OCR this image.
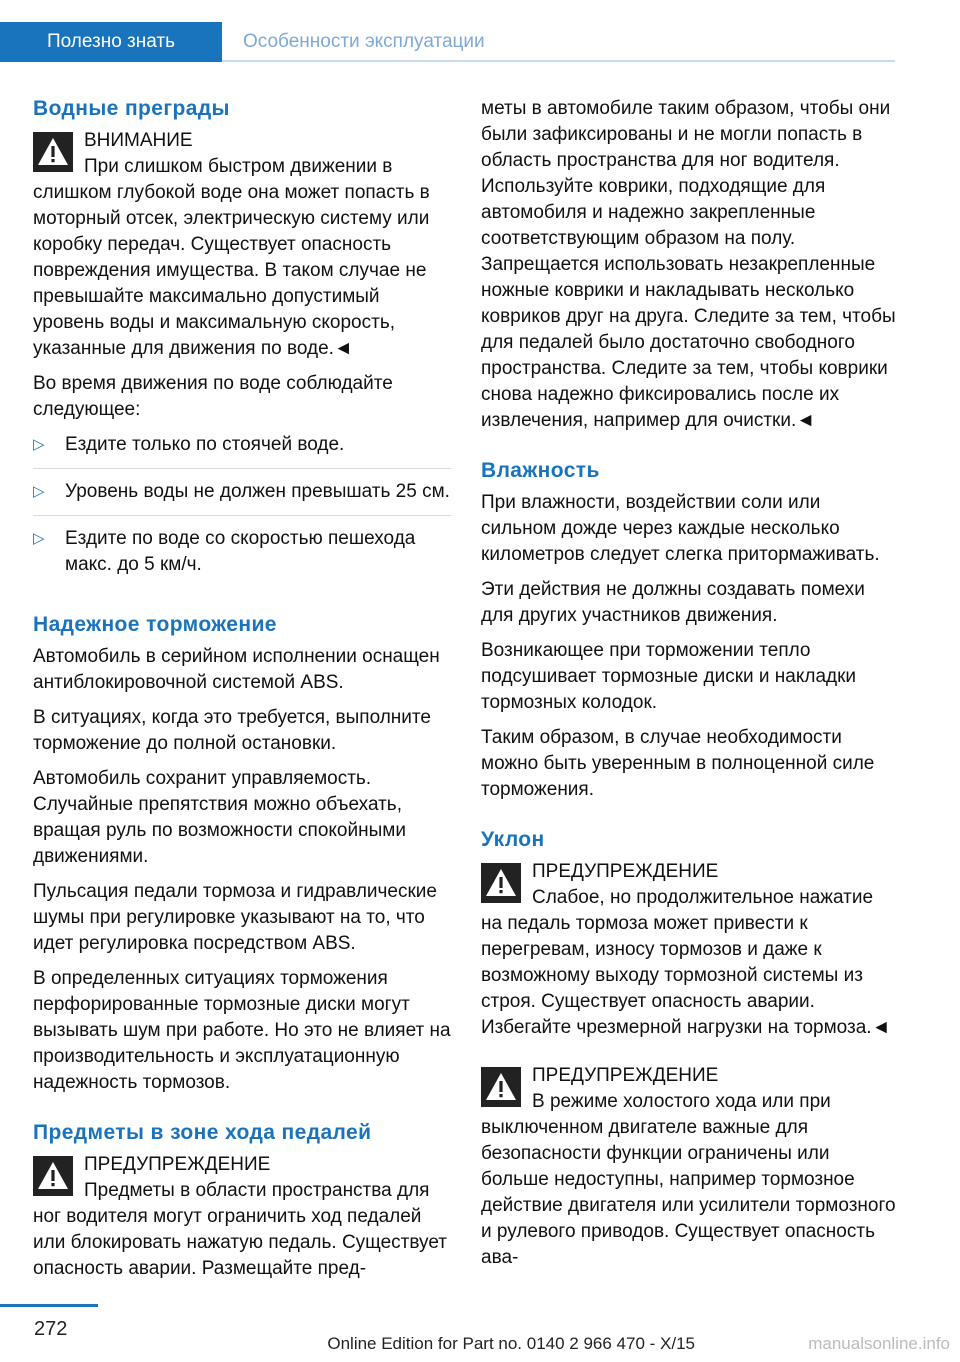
Полезно знать	Особенности эксплуатации
Водные преграды
ВНИМАНИЕ
При слишком быстром движении в слишком глубокой воде она может попасть в моторный отсек, электрическую систему или коробку передач. Существует опасность повреждения имущества. В таком случае не превышайте максимально допустимый уровень воды и максимальную скорость, указанные для движения по воде.◄

Во время движения по воде соблюдайте следующее:

▷ Ездите только по стоячей воде.
▷ Уровень воды не должен превышать 25 см.
▷ Ездите по воде со скоростью пешехода макс. до 5 км/ч.
Надежное торможение

Автомобиль в серийном исполнении оснащен антиблокировочной системой ABS.

В ситуациях, когда это требуется, выполните торможение до полной остановки.

Автомобиль сохранит управляемость. Случайные препятствия можно объехать, вращая руль по возможности спокойными движениями.

Пульсация педали тормоза и гидравлические шумы при регулировке указывают на то, что идет регулировка посредством ABS.

В определенных ситуациях торможения перфорированные тормозные диски могут вызывать шум при работе. Но это не влияет на производительность и эксплуатационную надежность тормозов.

Предметы в зоне хода педалей
ПРЕДУПРЕЖДЕНИЕ
Предметы в области пространства для ног водителя могут ограничить ход педалей или блокировать нажатую педаль. Существует опасность аварии. Размещайте пред-

меты в автомобиле таким образом, чтобы они были зафиксированы и не могли попасть в область пространства для ног водителя. Используйте коврики, подходящие для автомобиля и надежно закрепленные соответствующим образом на полу. Запрещается использовать незакрепленные ножные коврики и накладывать несколько ковриков друг на друга. Следите за тем, чтобы для педалей было достаточно свободного пространства. Следите за тем, чтобы коврики снова надежно фиксировались после их извлечения, например для очистки.◄

Влажность

При влажности, воздействии соли или сильном дожде через каждые несколько километров следует слегка притормаживать.

Эти действия не должны создавать помехи для других участников движения.

Возникающее при торможении тепло подсушивает тормозные диски и накладки тормозных колодок.

Таким образом, в случае необходимости можно быть уверенным в полноценной силе торможения.

Уклон
ПРЕДУПРЕЖДЕНИЕ
Слабое, но продолжительное нажатие на педаль тормоза может привести к перегревам, износу тормозов и даже к возможному выходу тормозной системы из строя. Существует опасность аварии. Избегайте чрезмерной нагрузки на тормоза.◄
ПРЕДУПРЕЖДЕНИЕ
В режиме холостого хода или при выключенном двигателе важные для безопасности функции ограничены или больше недоступны, например тормозное действие двигателя или усилители тормозного и рулевого приводов. Существует опасность ава-
272
Online Edition for Part no. 0140 2 966 470 - X/15	manualsonline.info
